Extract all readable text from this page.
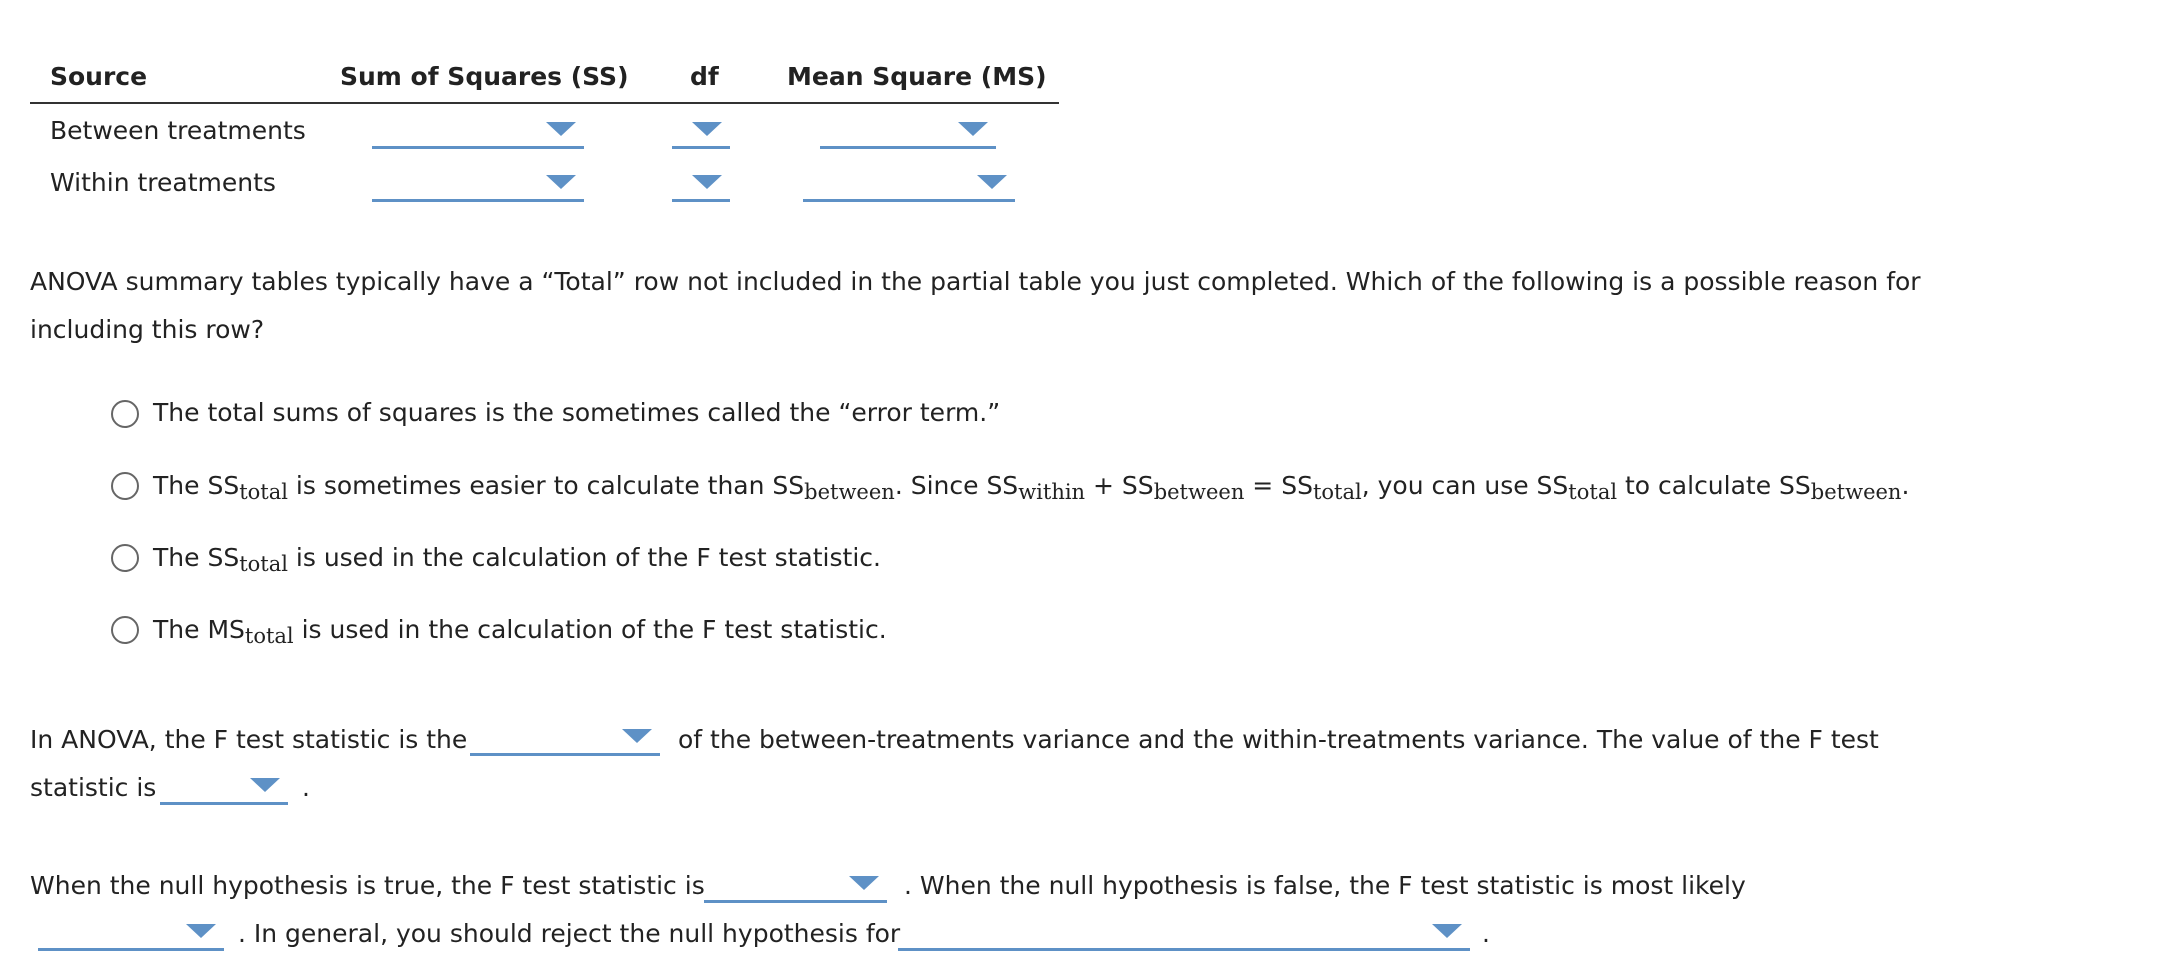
Source	Sum of Squares (SS) df	Mean Square (MS)
Between treatments
Within treatments
ANOVA summary tables typically have a “Total” row not included in the partial table you just completed. Which of the following is a possible reason for
including this row?
The total sums of squares is the sometimes called the “error term.”
The $SS_{total}$ is sometimes easier to calculate than $SS_{between}$. Since $SS_{within} + SS_{between} = SS_{total}$, you can use $SS_{total}$ to calculate $SS_{between}$.
The $SS_{total}$ is used in the calculation of the F test statistic.
The $MS_{total}$ is used in the calculation of the F test statistic.
In ANOVA, the F test statistic is the	of the between-treatments variance and the within-treatments variance. The value of the F test
statistic is	.
When the null hypothesis is true, the F test statistic is	. When the null hypothesis is false, the F test statistic is most likely
. In general, you should reject the null hypothesis for	.
